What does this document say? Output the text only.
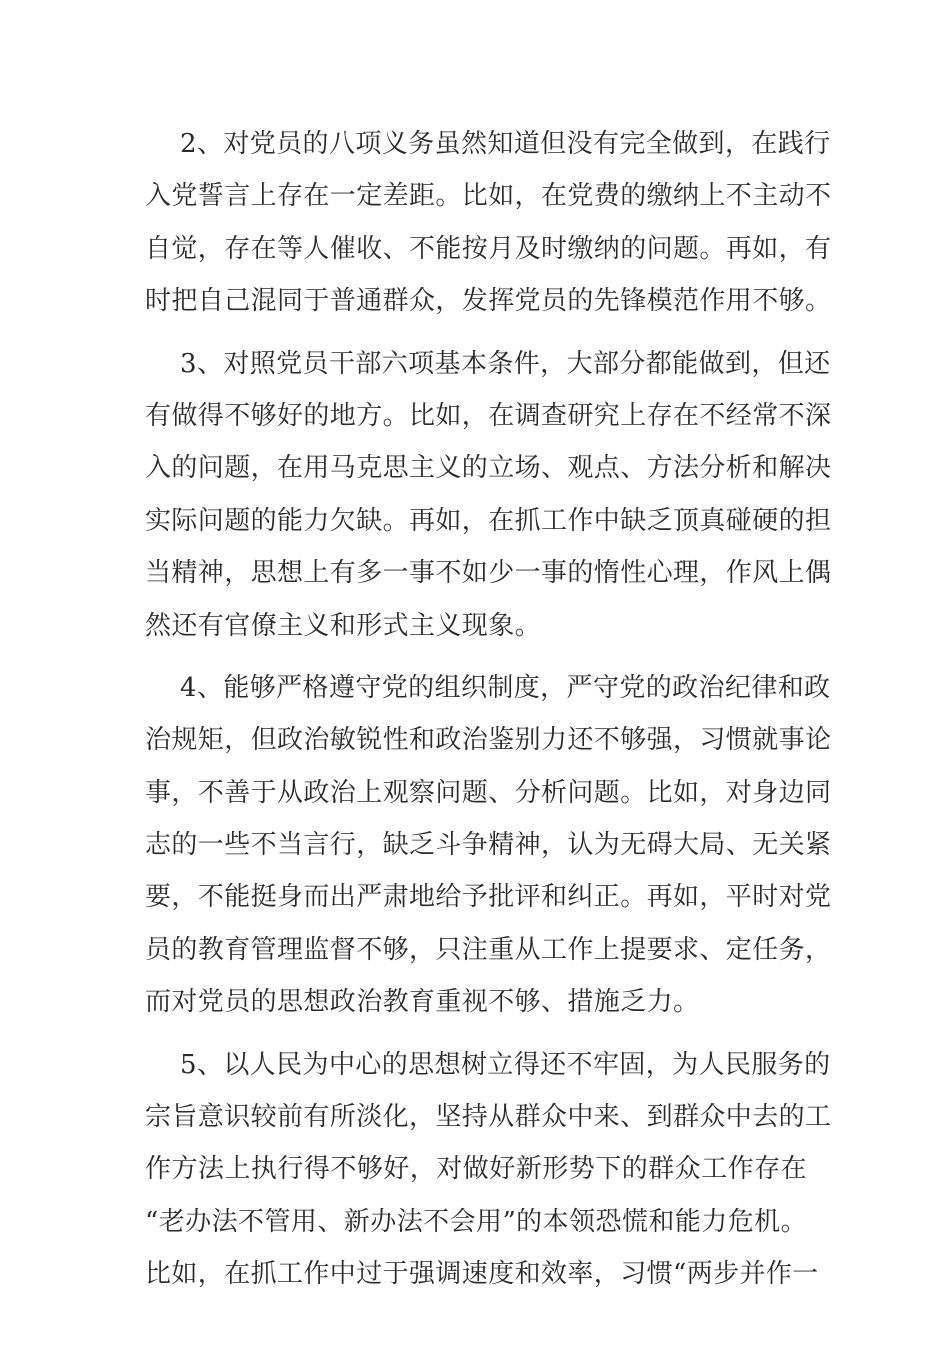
2、对党员的八项义务虽然知道但没有完全做到，在践行
入党誓言上存在一定差距。比如，在党费的缴纳上不主动不
自觉，存在等人催收、不能按月及时缴纳的问题。再如，有
时把自己混同于普通群众，发挥党员的先锋模范作用不够。
3、对照党员干部六项基本条件，大部分都能做到，但还
有做得不够好的地方。比如，在调查研究上存在不经常不深
入的问题，在用马克思主义的立场、观点、方法分析和解决
实际问题的能力欠缺。再如，在抓工作中缺乏顶真碰硬的担
当精神，思想上有多一事不如少一事的惰性心理，作风上偶
然还有官僚主义和形式主义现象。
4、能够严格遵守党的组织制度，严守党的政治纪律和政
治规矩，但政治敏锐性和政治鉴别力还不够强，习惯就事论
事，不善于从政治上观察问题、分析问题。比如，对身边同
志的一些不当言行，缺乏斗争精神，认为无碍大局、无关紧
要，不能挺身而出严肃地给予批评和纠正。再如，平时对党
员的教育管理监督不够，只注重从工作上提要求、定任务，
而对党员的思想政治教育重视不够、措施乏力。
5、以人民为中心的思想树立得还不牢固，为人民服务的
宗旨意识较前有所淡化，坚持从群众中来、到群众中去的工
作方法上执行得不够好，对做好新形势下的群众工作存在
“老办法不管用、新办法不会用”的本领恐慌和能力危机。
比如，在抓工作中过于强调速度和效率，习惯“两步并作一
